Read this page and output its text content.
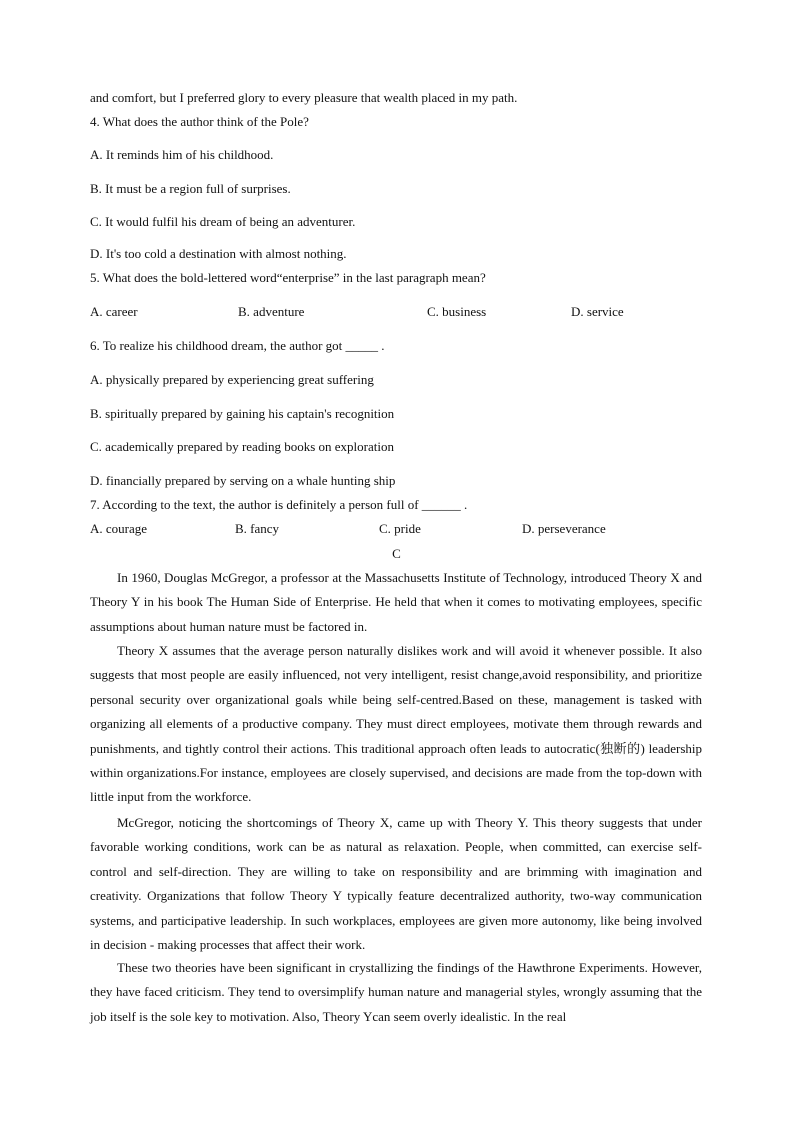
and comfort, but I preferred glory to every pleasure that wealth placed in my path.
4. What does the author think of the Pole?
A. It reminds him of his childhood.
B. It must be a region full of surprises.
C. It would fulfil his dream of being an adventurer.
D. It's too cold a destination with almost nothing.
5. What does the bold-lettered word“enterprise” in the last paragraph mean?
A. career	B. adventure	C. business	D. service
6. To realize his childhood dream, the author got _____ .
A. physically prepared by experiencing great suffering
B. spiritually prepared by gaining his captain's recognition
C. academically prepared by reading books on exploration
D. financially prepared by serving on a whale hunting ship
7. According to the text, the author is definitely a person full of ______ .
A. courage	B. fancy	C. pride	D. perseverance
C
In 1960, Douglas McGregor, a professor at the Massachusetts Institute of Technology, introduced Theory X and Theory Y in his book The Human Side of Enterprise. He held that when it comes to motivating employees, specific assumptions about human nature must be factored in.
Theory X assumes that the average person naturally dislikes work and will avoid it whenever possible. It also suggests that most people are easily influenced, not very intelligent, resist change,avoid responsibility, and prioritize personal security over organizational goals while being self-centred.Based on these, management is tasked with organizing all elements of a productive company. They must direct employees, motivate them through rewards and punishments, and tightly control their actions. This traditional approach often leads to autocratic(独断的) leadership within organizations.For instance, employees are closely supervised, and decisions are made from the top-down with little input from the workforce.
McGregor, noticing the shortcomings of Theory X, came up with Theory Y. This theory suggests that under favorable working conditions, work can be as natural as relaxation. People, when committed, can exercise self-control and self-direction. They are willing to take on responsibility and are brimming with imagination and creativity. Organizations that follow Theory Y typically feature decentralized authority, two-way communication systems, and participative leadership. In such workplaces, employees are given more autonomy, like being involved in decision - making processes that affect their work.
These two theories have been significant in crystallizing the findings of the Hawthrone Experiments. However, they have faced criticism. They tend to oversimplify human nature and managerial styles, wrongly assuming that the job itself is the sole key to motivation. Also, Theory Ycan seem overly idealistic. In the real
